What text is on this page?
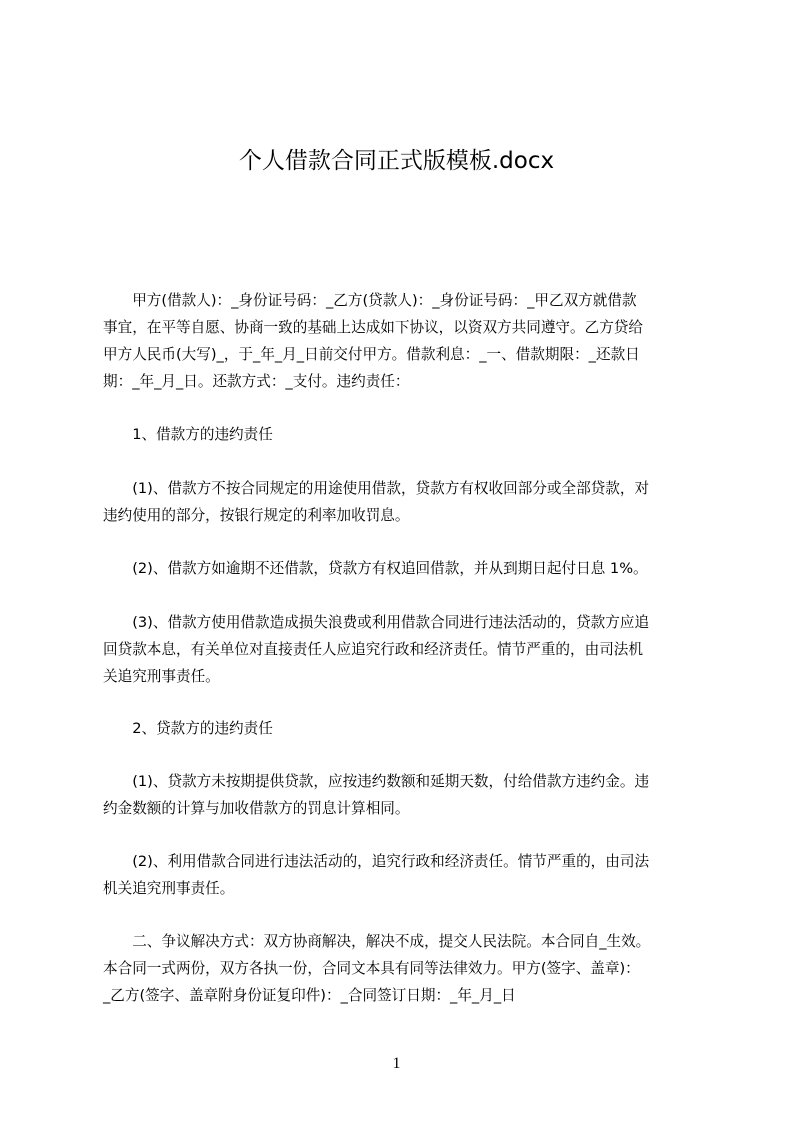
个人借款合同正式版模板.docx
　　甲方(借款人)：_身份证号码：_乙方(贷款人)：_身份证号码：_甲乙双方就借款
事宜，在平等自愿、协商一致的基础上达成如下协议，以资双方共同遵守。乙方贷给
甲方人民币(大写)_，于_年_月_日前交付甲方。借款利息：_一、借款期限：_还款日
期：_年_月_日。还款方式：_支付。违约责任：
　　1、借款方的违约责任
　　(1)、借款方不按合同规定的用途使用借款，贷款方有权收回部分或全部贷款，对
违约使用的部分，按银行规定的利率加收罚息。
　　(2)、借款方如逾期不还借款，贷款方有权追回借款，并从到期日起付日息 1%。
　　(3)、借款方使用借款造成损失浪费或利用借款合同进行违法活动的，贷款方应追
回贷款本息，有关单位对直接责任人应追究行政和经济责任。情节严重的，由司法机
关追究刑事责任。
　　2、贷款方的违约责任
　　(1)、贷款方未按期提供贷款，应按违约数额和延期天数，付给借款方违约金。违
约金数额的计算与加收借款方的罚息计算相同。
　　(2)、利用借款合同进行违法活动的，追究行政和经济责任。情节严重的，由司法
机关追究刑事责任。
　　二、争议解决方式：双方协商解决，解决不成，提交人民法院。本合同自_生效。
本合同一式两份，双方各执一份，合同文本具有同等法律效力。甲方(签字、盖章)：
_乙方(签字、盖章附身份证复印件)：_合同签订日期：_年_月_日
1
